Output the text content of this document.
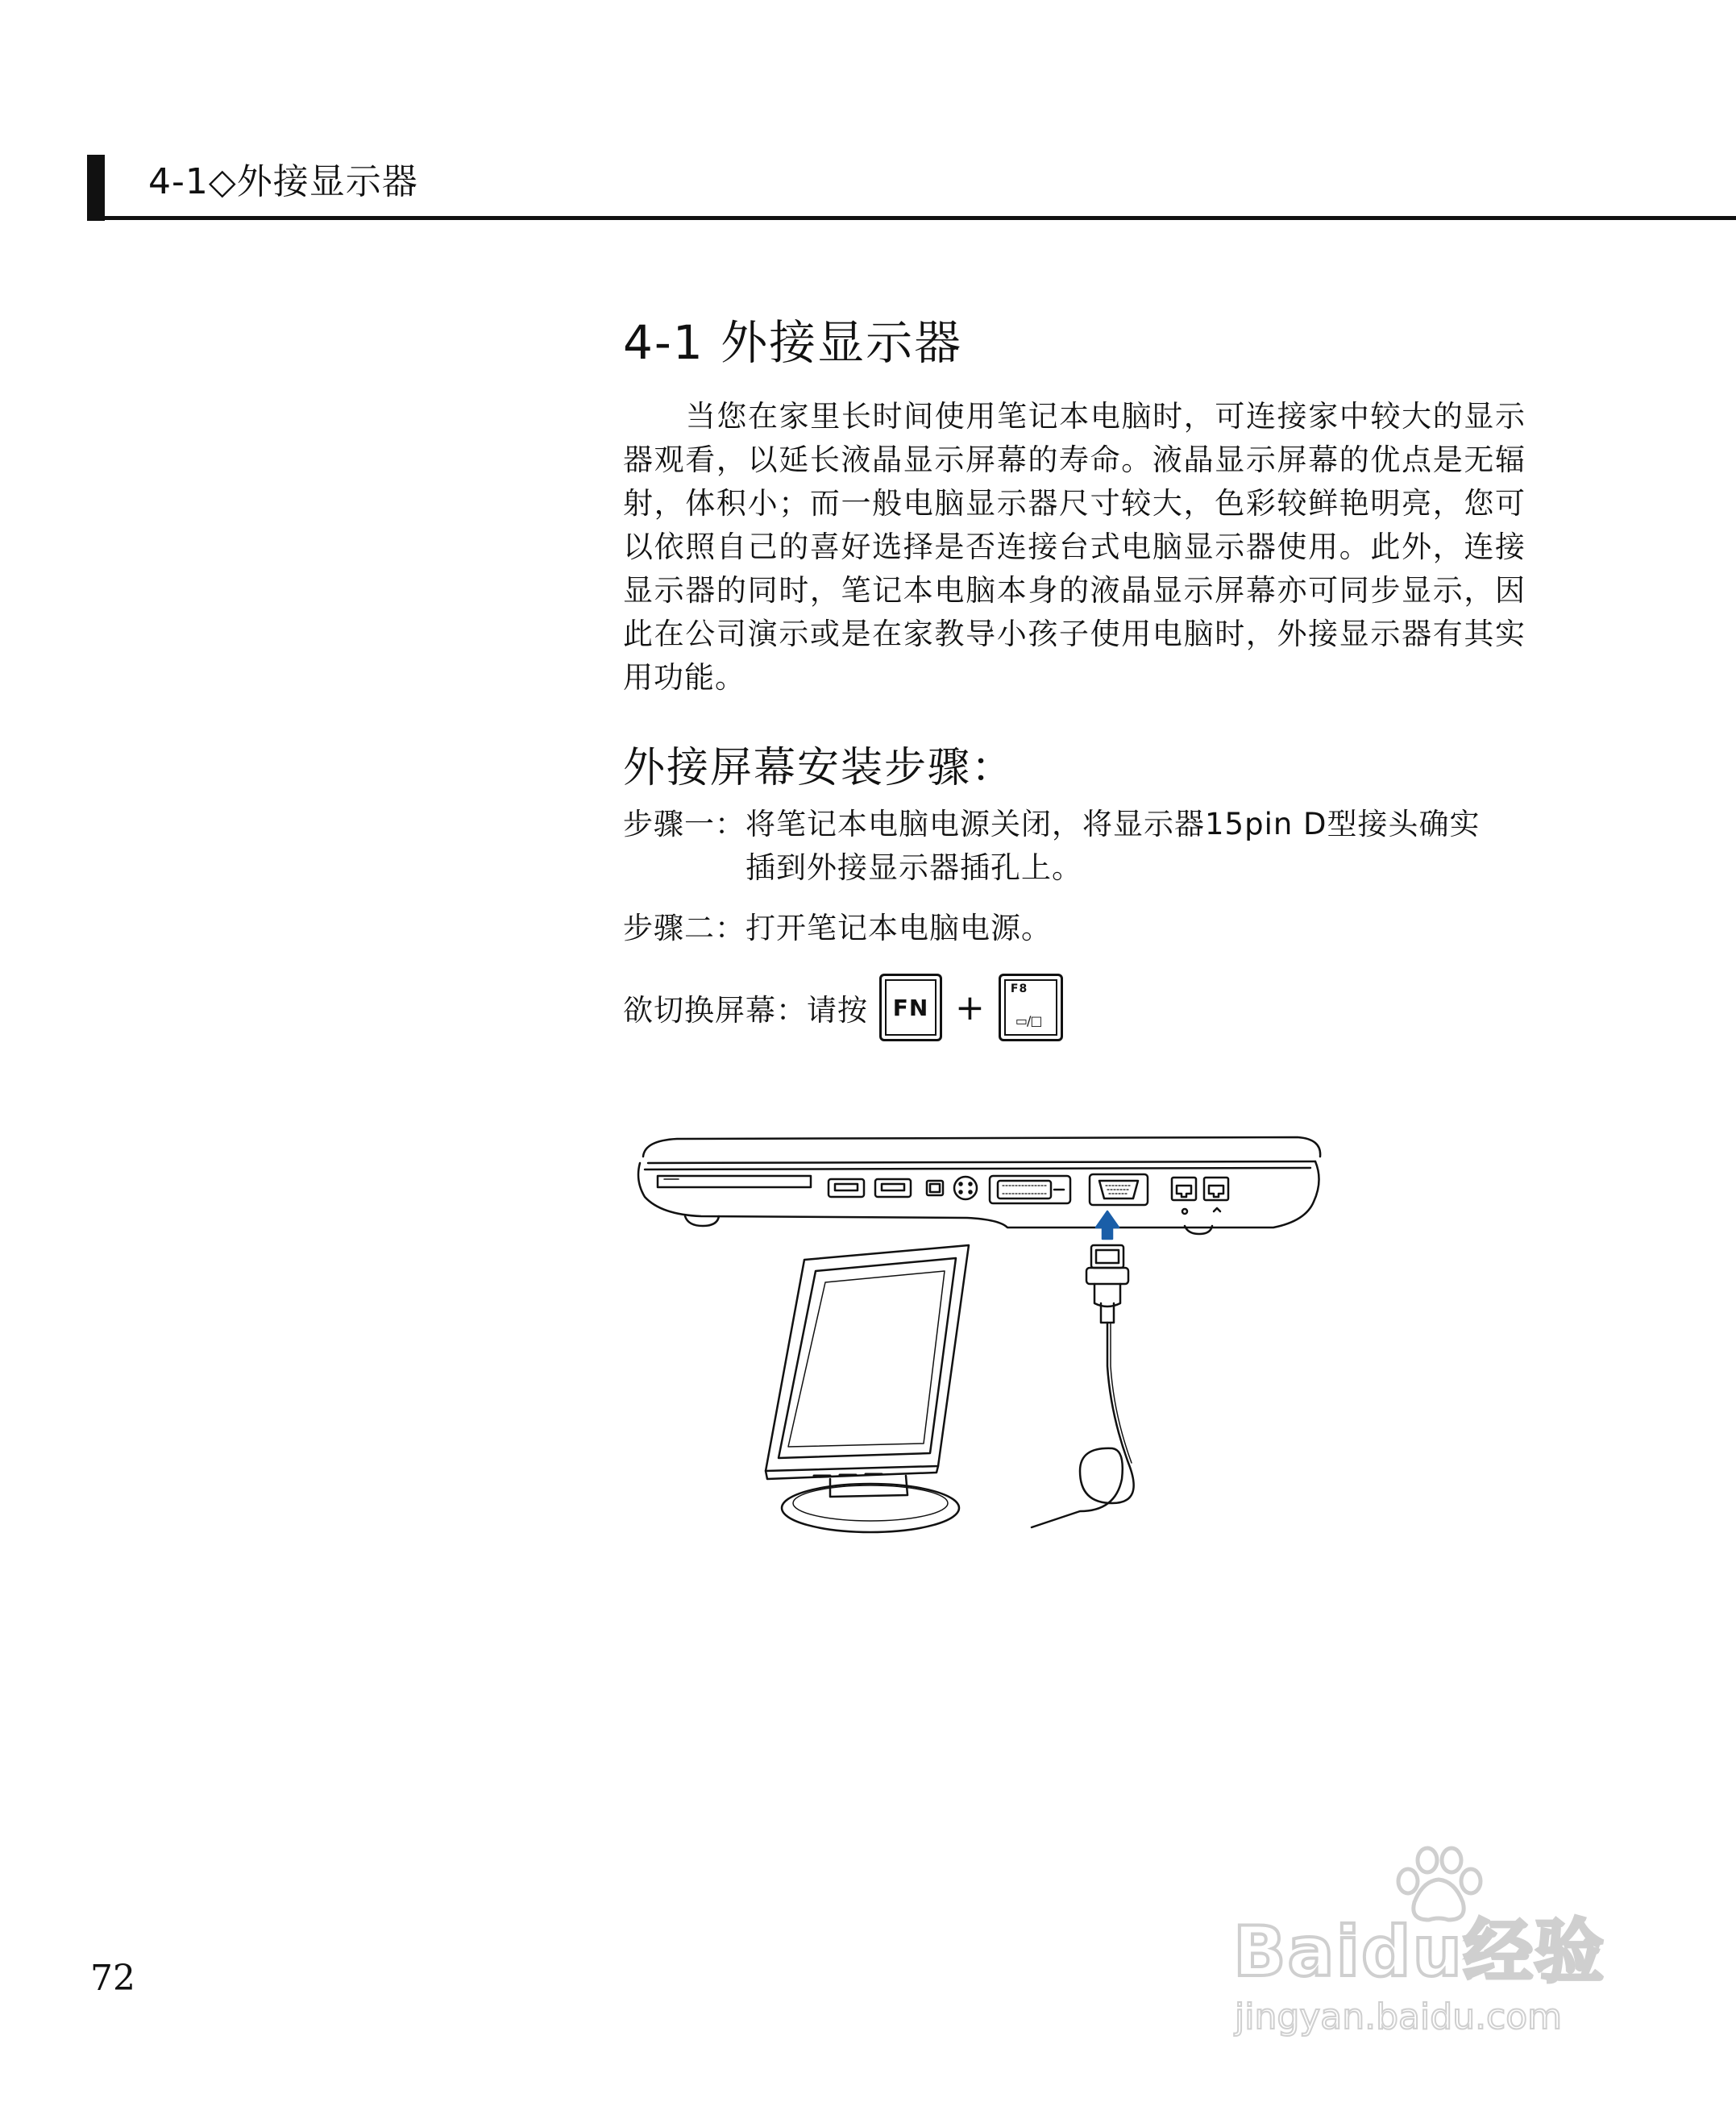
4-1◇外接显示器
4-1 外接显示器
当您在家里长时间使用笔记本电脑时，可连接家中较大的显示器观看，以延长液晶显示屏幕的寿命。液晶显示屏幕的优点是无辐射，体积小；而一般电脑显示器尺寸较大，色彩较鲜艳明亮，您可以依照自己的喜好选择是否连接台式电脑显示器使用。此外，连接显示器的同时，笔记本电脑本身的液晶显示屏幕亦可同步显示，因此在公司演示或是在家教导小孩子使用电脑时，外接显示器有其实用功能。
外接屏幕安装步骤：
步骤一： 将笔记本电脑电源关闭，将显示器15pin D型接头确实插到外接显示器插孔上。
步骤二： 打开笔记本电脑电源。
欲切换屏幕：请按 FN + F8
▭/□
72	Baidu经验
jingyan.baidu.com
